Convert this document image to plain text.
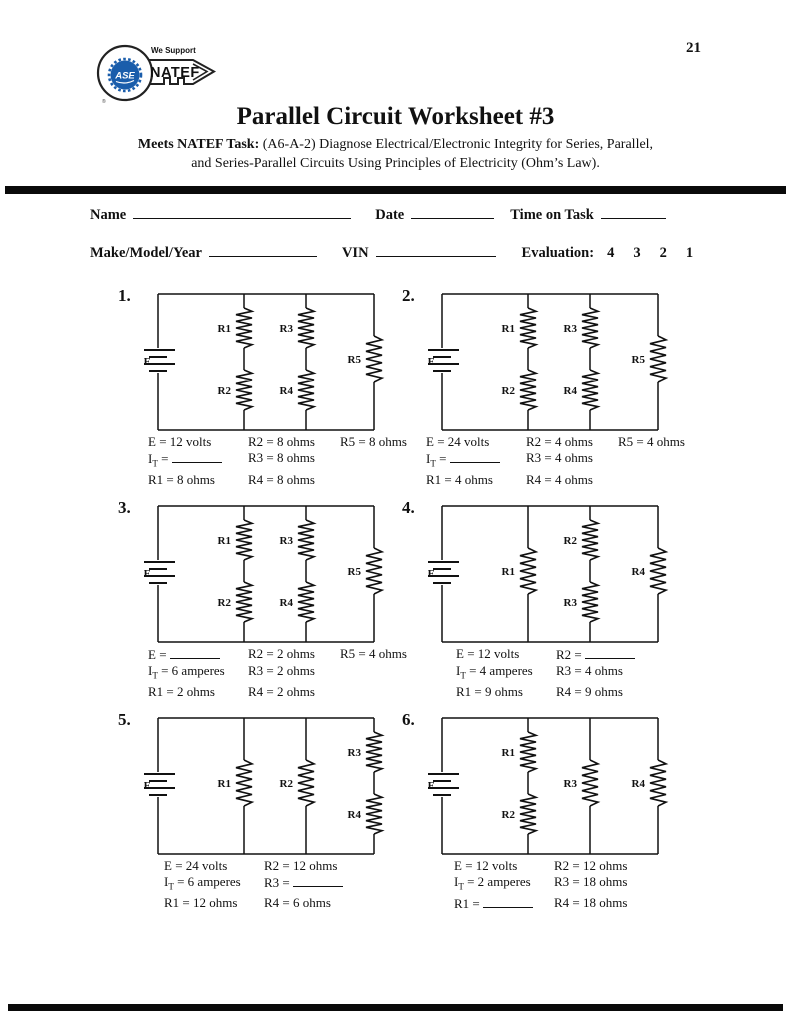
21
ASE
We Support
NATEF
®
Parallel Circuit Worksheet #3
Meets NATEF Task: (A6-A-2) Diagnose Electrical/Electronic Integrity for Series, Parallel,
and Series-Parallel Circuits Using Principles of Electricity (Ohm’s Law).
Name	Date	Time on Task
Make/Model/Year	VIN	Evaluation: 4 3 2 1
1.
E
R1
R2
R3
R4
R5
E = 12 volts	R2 = 8 ohms	R5 = 8 ohms
$I_T$ =	R3 = 8 ohms
R1 = 8 ohms	R4 = 8 ohms
2.
E
R1
R2
R3
R4
R5
E = 24 volts	R2 = 4 ohms	R5 = 4 ohms
$I_T$ =	R3 = 4 ohms
R1 = 4 ohms	R4 = 4 ohms
3.
E
R1
R2
R3
R4
R5
E =	R2 = 2 ohms	R5 = 4 ohms
$I_T = 6$ amperes	R3 = 2 ohms
R1 = 2 ohms	R4 = 2 ohms
4.
E	R1
R2
R3
R4
E = 12 volts	R2 =
$I_T = 4$ amperes	R3 = 4 ohms
R1 = 9 ohms	R4 = 9 ohms
5.
E	R1	R2
R3
R4
E = 24 volts	R2 = 12 ohms
$I_T = 6$ amperes	R3 =
R1 = 12 ohms	R4 = 6 ohms
6.
E
R1
R2
R3	R4
E = 12 volts	R2 = 12 ohms
$I_T = 2$ amperes	R3 = 18 ohms
R1 =	R4 = 18 ohms
